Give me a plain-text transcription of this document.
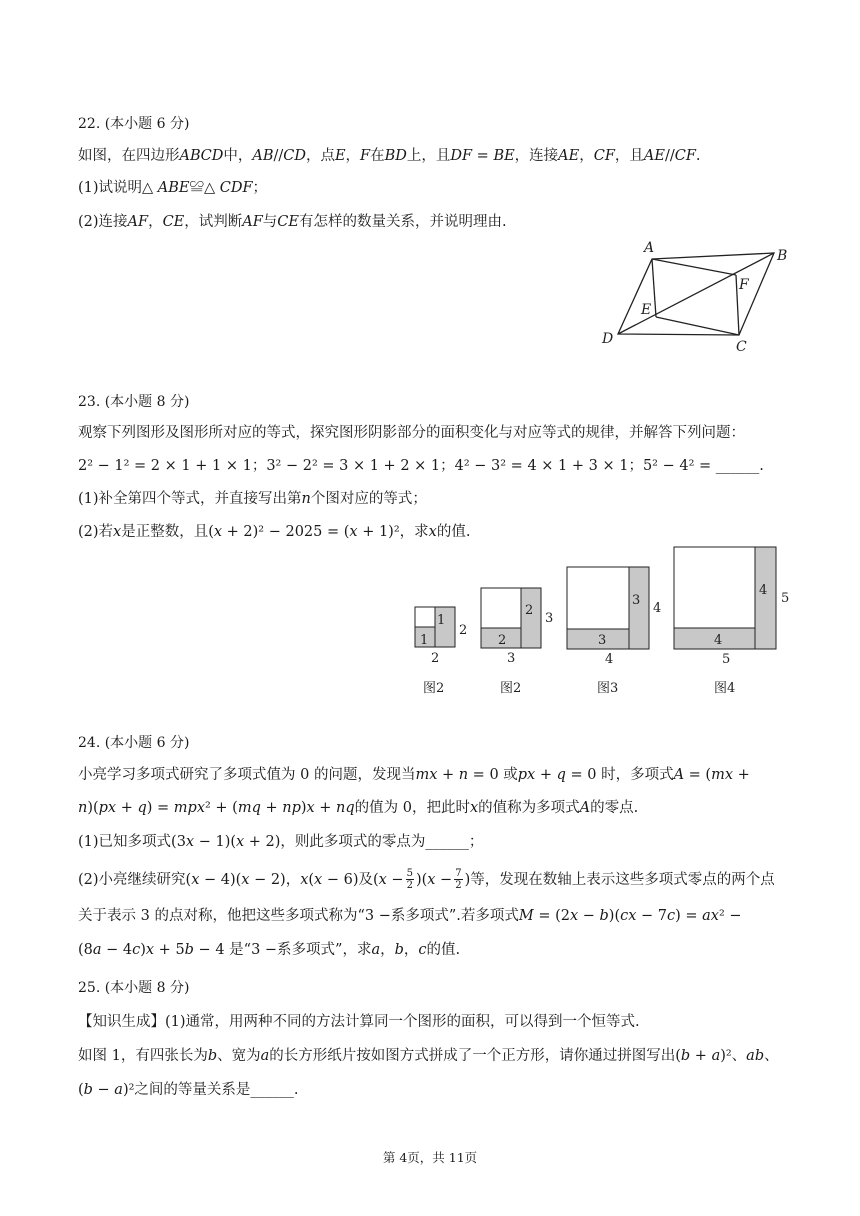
22. (本小题 6 分)
如图，在四边形𝐴𝐵𝐶𝐷中，𝐴𝐵//𝐶𝐷，点𝐸，𝐹在𝐵𝐷上，且𝐷𝐹 = 𝐵𝐸，连接𝐴𝐸，𝐶𝐹，且𝐴𝐸//𝐶𝐹.
(1)试说明△ 𝐴𝐵𝐸≌△ 𝐶𝐷𝐹；
(2)连接𝐴𝐹，𝐶𝐸，试判断𝐴𝐹与𝐶𝐸有怎样的数量关系，并说明理由.
A	B
C
D
E
F
23. (本小题 8 分)
观察下列图形及图形所对应的等式，探究图形阴影部分的面积变化与对应等式的规律，并解答下列问题：
2² − 1² = 2 × 1 + 1 × 1；3² − 2² = 3 × 1 + 2 × 1；4² − 3² = 4 × 1 + 3 × 1；5² − 4² = ______.
(1)补全第四个等式，并直接写出第𝑛个图对应的等式；
(2)若𝑥是正整数，且(𝑥 + 2)² − 2025 = (𝑥 + 1)²，求𝑥的值.
1
1
2
2
图2
2
2
3
3
图2
3
3
4
4
图3
4
4
5
5
图4
24. (本小题 6 分)
小亮学习多项式研究了多项式值为 0 的问题，发现当𝑚𝑥 + 𝑛 = 0 或𝑝𝑥 + 𝑞 = 0 时，多项式𝐴 = (𝑚𝑥 +
𝑛)(𝑝𝑥 + 𝑞) = 𝑚𝑝𝑥² + (𝑚𝑞 + 𝑛𝑝)𝑥 + 𝑛𝑞的值为 0，把此时𝑥的值称为多项式𝐴的零点.
(1)已知多项式(3𝑥 − 1)(𝑥 + 2)，则此多项式的零点为______；
(2)小亮继续研究(𝑥 − 4)(𝑥 − 2)，𝑥(𝑥 − 6)及(𝑥 − $\frac{5}{2}$ )(𝑥 − $\frac{7}{2}$ )等，发现在数轴上表示这些多项式零点的两个点
关于表示 3 的点对称，他把这些多项式称为“3 −系多项式”.若多项式𝑀 = (2𝑥 − 𝑏)(𝑐𝑥 − 7𝑐) = 𝑎𝑥² −
(8𝑎 − 4𝑐)𝑥 + 5𝑏 − 4 是“3 −系多项式”，求𝑎，𝑏，𝑐的值.
25. (本小题 8 分)
【知识生成】(1)通常，用两种不同的方法计算同一个图形的面积，可以得到一个恒等式.
如图 1，有四张长为𝑏、宽为𝑎的长方形纸片按如图方式拼成了一个正方形，请你通过拼图写出(𝑏 + 𝑎)²、𝑎𝑏、
(𝑏 − 𝑎)²之间的等量关系是______.
第 4页，共 11页
